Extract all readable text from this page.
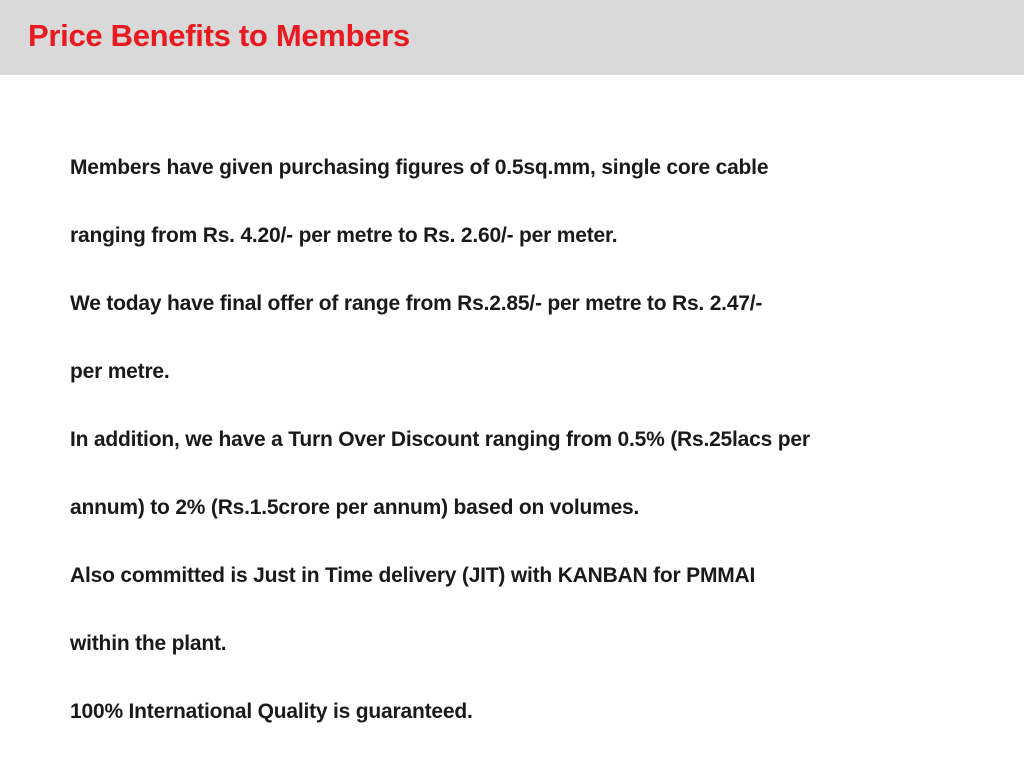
Price Benefits to Members
Members have given purchasing figures of 0.5sq.mm, single core cable
ranging from Rs. 4.20/- per metre to Rs. 2.60/- per meter.
We today have final offer of range from Rs.2.85/- per metre to Rs. 2.47/-
per metre.
In addition, we have a Turn Over Discount ranging from 0.5% (Rs.25lacs per
annum) to 2% (Rs.1.5crore per annum) based on volumes.
Also committed is Just in Time delivery (JIT) with KANBAN for PMMAI
within the plant.
100% International Quality is guaranteed.
